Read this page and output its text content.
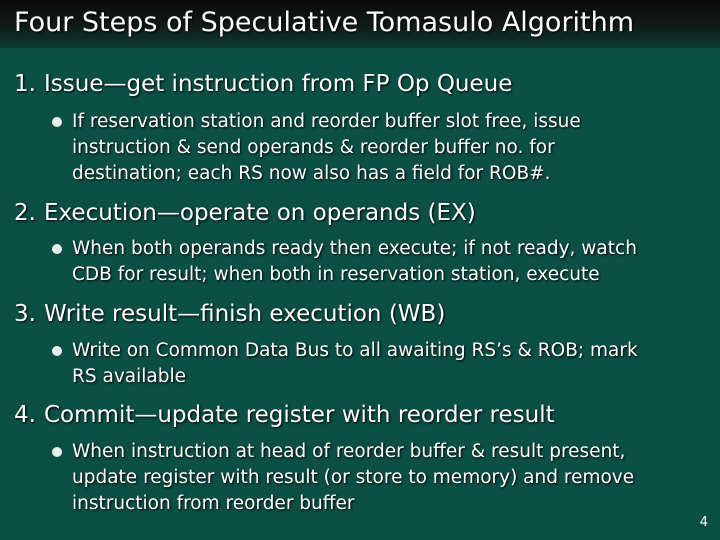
Four Steps of Speculative Tomasulo Algorithm
1. Issue—get instruction from FP Op Queue
If reservation station and reorder buffer slot free, issue
instruction & send operands & reorder buffer no. for
destination; each RS now also has a field for ROB#.
2. Execution—operate on operands (EX)
When both operands ready then execute; if not ready, watch
CDB for result; when both in reservation station, execute
3. Write result—finish execution (WB)
Write on Common Data Bus to all awaiting RS’s & ROB; mark
RS available
4. Commit—update register with reorder result
When instruction at head of reorder buffer & result present,
update register with result (or store to memory) and remove
instruction from reorder buffer
4
